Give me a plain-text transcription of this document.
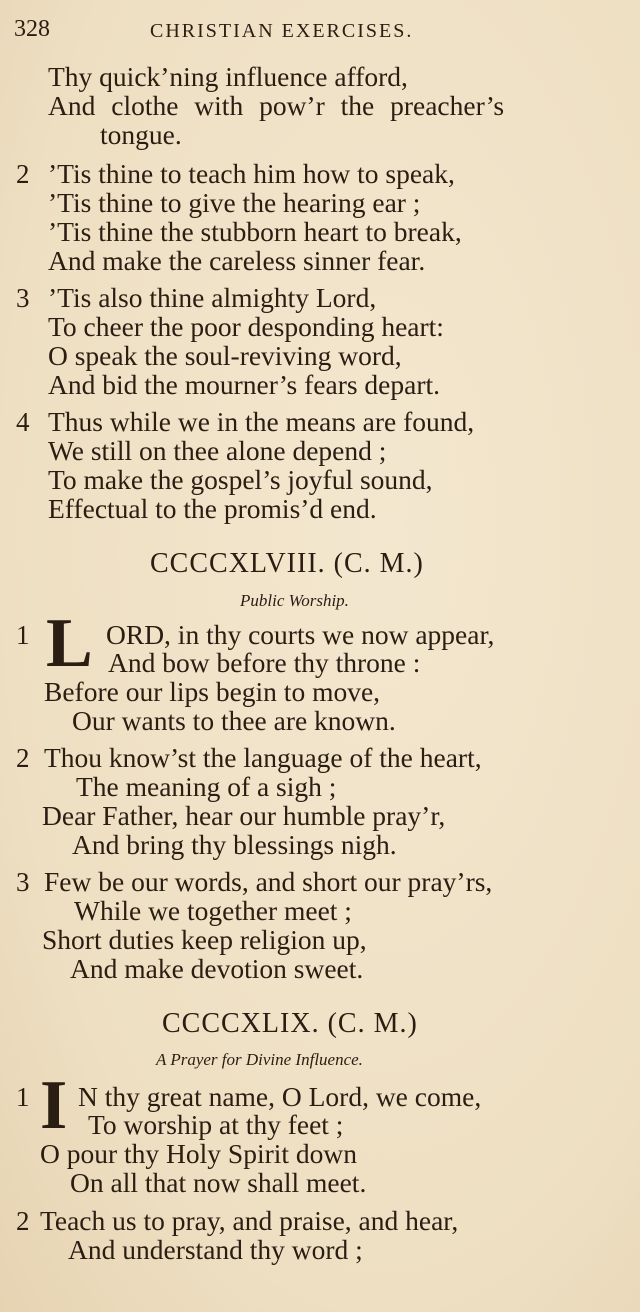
328	CHRISTIAN EXERCISES.
Thy quick’ning influence afford,
And clothe with pow’r the preacher’s
tongue.
2 ’Tis thine to teach him how to speak,
’Tis thine to give the hearing ear ;
’Tis thine the stubborn heart to break,
And make the careless sinner fear.
3 ’Tis also thine almighty Lord,
To cheer the poor desponding heart:
O speak the soul-reviving word,
And bid the mourner’s fears depart.
4 Thus while we in the means are found,
We still on thee alone depend ;
To make the gospel’s joyful sound,
Effectual to the promis’d end.
CCCCXLVIII. (C. M.)
Public Worship.
1 L ORD, in thy courts we now appear,
And bow before thy throne :
Before our lips begin to move,
Our wants to thee are known.
2 Thou know’st the language of the heart,
The meaning of a sigh ;
Dear Father, hear our humble pray’r,
And bring thy blessings nigh.
3 Few be our words, and short our pray’rs,
While we together meet ;
Short duties keep religion up,
And make devotion sweet.
CCCCXLIX. (C. M.)
A Prayer for Divine Influence.
1 I N thy great name, O Lord, we come,
To worship at thy feet ;
O pour thy Holy Spirit down
On all that now shall meet.
2 Teach us to pray, and praise, and hear,
And understand thy word ;
